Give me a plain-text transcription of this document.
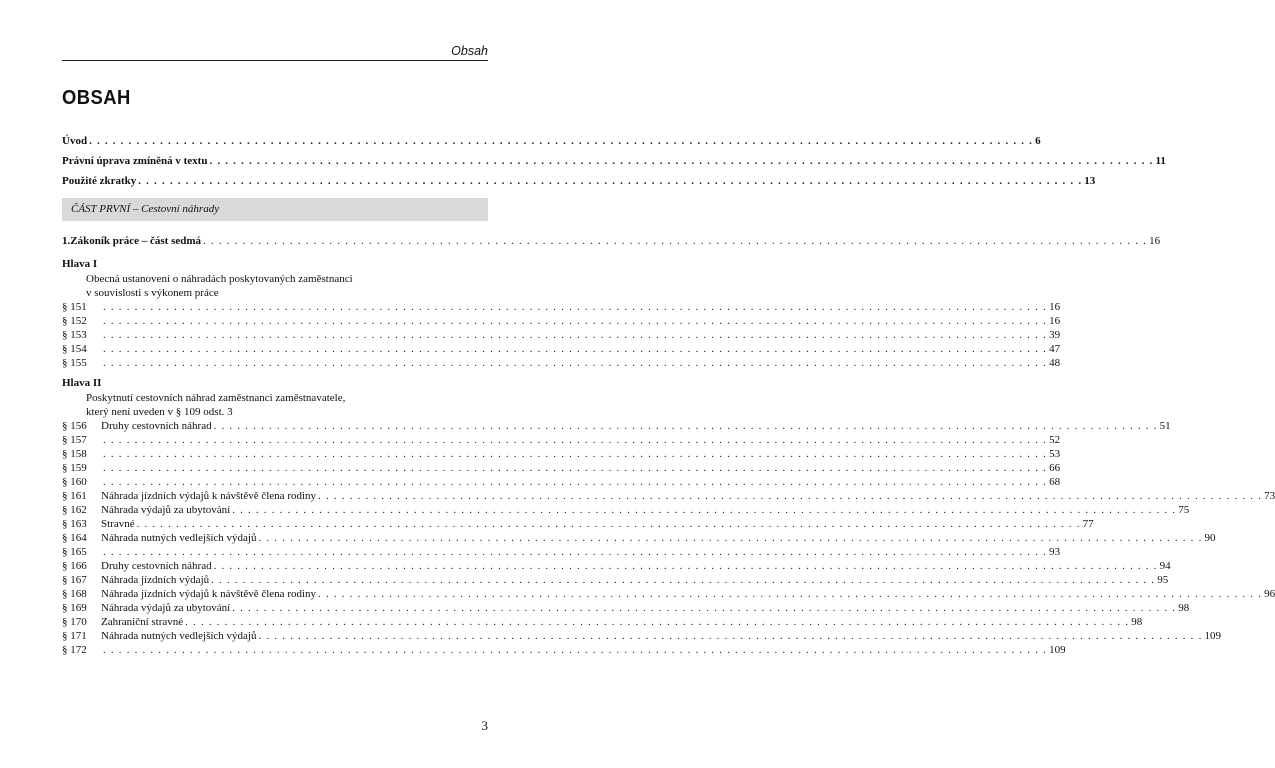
Obsah
OBSAH
Úvod . . . . . . . . . . . . . . . . . . . . . . . . . . . . . . . . . . . . . . . . . . . . . . . . . . . . . . . . . . . . . . . . . . . . . . . . . . . . . . . . . . . . . . . . . . . . . . . . . . . . . . . . . . . . . . . . . . . . . . . . 6
Právní úprava zmíněná v textu . . . . . . . . . . . . . . . . . . . . . . . . . . . . . . . . . . . . . . . . . . . . . . . . . . . . . . . . . . . . . . . . . . . . . . . . . . . . . . . . . . . . . . . . . . . . . . . . . . . . . . . . . . . . . . . . . . . . . . . . 11
Použité zkratky . . . . . . . . . . . . . . . . . . . . . . . . . . . . . . . . . . . . . . . . . . . . . . . . . . . . . . . . . . . . . . . . . . . . . . . . . . . . . . . . . . . . . . . . . . . . . . . . . . . . . . . . . . . . . . . . . . . . . . . . 13
ČÁST PRVNÍ – Cestovní náhrady
1. Zákoník práce – část sedmá . . . . . . . . . . . . . . . . . . . . . . . . . . . . . . . . . . . . . . . . . . . . . . . . . . . . . . . . . . . . . . . . . . . . . . . . . . . . . . . . . . . . . . . . . . . . . . . . . . . . . . . . . . . . . . . . . . . . . . . . 16
Hlava I
Obecná ustanovení o náhradách poskytovaných zaměstnanci
v souvislosti s výkonem práce
§ 151	. . . . . . . . . . . . . . . . . . . . . . . . . . . . . . . . . . . . . . . . . . . . . . . . . . . . . . . . . . . . . . . . . . . . . . . . . . . . . . . . . . . . . . . . . . . . . . . . . . . . . . . . . . . . . . . . . . . . . . . . 16
§ 152	. . . . . . . . . . . . . . . . . . . . . . . . . . . . . . . . . . . . . . . . . . . . . . . . . . . . . . . . . . . . . . . . . . . . . . . . . . . . . . . . . . . . . . . . . . . . . . . . . . . . . . . . . . . . . . . . . . . . . . . . 16
§ 153	. . . . . . . . . . . . . . . . . . . . . . . . . . . . . . . . . . . . . . . . . . . . . . . . . . . . . . . . . . . . . . . . . . . . . . . . . . . . . . . . . . . . . . . . . . . . . . . . . . . . . . . . . . . . . . . . . . . . . . . . 39
§ 154	. . . . . . . . . . . . . . . . . . . . . . . . . . . . . . . . . . . . . . . . . . . . . . . . . . . . . . . . . . . . . . . . . . . . . . . . . . . . . . . . . . . . . . . . . . . . . . . . . . . . . . . . . . . . . . . . . . . . . . . . 47
§ 155	. . . . . . . . . . . . . . . . . . . . . . . . . . . . . . . . . . . . . . . . . . . . . . . . . . . . . . . . . . . . . . . . . . . . . . . . . . . . . . . . . . . . . . . . . . . . . . . . . . . . . . . . . . . . . . . . . . . . . . . . 48
Hlava II
Poskytnutí cestovních náhrad zaměstnanci zaměstnavatele,
který není uveden v § 109 odst. 3
§ 156	Druhy cestovních náhrad . . . . . . . . . . . . . . . . . . . . . . . . . . . . . . . . . . . . . . . . . . . . . . . . . . . . . . . . . . . . . . . . . . . . . . . . . . . . . . . . . . . . . . . . . . . . . . . . . . . . . . . . . . . . . . . . . . . . . . . . 51
§ 157	. . . . . . . . . . . . . . . . . . . . . . . . . . . . . . . . . . . . . . . . . . . . . . . . . . . . . . . . . . . . . . . . . . . . . . . . . . . . . . . . . . . . . . . . . . . . . . . . . . . . . . . . . . . . . . . . . . . . . . . . 52
§ 158	. . . . . . . . . . . . . . . . . . . . . . . . . . . . . . . . . . . . . . . . . . . . . . . . . . . . . . . . . . . . . . . . . . . . . . . . . . . . . . . . . . . . . . . . . . . . . . . . . . . . . . . . . . . . . . . . . . . . . . . . 53
§ 159	. . . . . . . . . . . . . . . . . . . . . . . . . . . . . . . . . . . . . . . . . . . . . . . . . . . . . . . . . . . . . . . . . . . . . . . . . . . . . . . . . . . . . . . . . . . . . . . . . . . . . . . . . . . . . . . . . . . . . . . . 66
§ 160	. . . . . . . . . . . . . . . . . . . . . . . . . . . . . . . . . . . . . . . . . . . . . . . . . . . . . . . . . . . . . . . . . . . . . . . . . . . . . . . . . . . . . . . . . . . . . . . . . . . . . . . . . . . . . . . . . . . . . . . . 68
§ 161	Náhrada jízdních výdajů k návštěvě člena rodiny . . . . . . . . . . . . . . . . . . . . . . . . . . . . . . . . . . . . . . . . . . . . . . . . . . . . . . . . . . . . . . . . . . . . . . . . . . . . . . . . . . . . . . . . . . . . . . . . . . . . . . . . . . . . . . . . . . . . . . . . 73
§ 162	Náhrada výdajů za ubytování . . . . . . . . . . . . . . . . . . . . . . . . . . . . . . . . . . . . . . . . . . . . . . . . . . . . . . . . . . . . . . . . . . . . . . . . . . . . . . . . . . . . . . . . . . . . . . . . . . . . . . . . . . . . . . . . . . . . . . . . 75
§ 163	Stravné . . . . . . . . . . . . . . . . . . . . . . . . . . . . . . . . . . . . . . . . . . . . . . . . . . . . . . . . . . . . . . . . . . . . . . . . . . . . . . . . . . . . . . . . . . . . . . . . . . . . . . . . . . . . . . . . . . . . . . . . 77
§ 164	Náhrada nutných vedlejších výdajů . . . . . . . . . . . . . . . . . . . . . . . . . . . . . . . . . . . . . . . . . . . . . . . . . . . . . . . . . . . . . . . . . . . . . . . . . . . . . . . . . . . . . . . . . . . . . . . . . . . . . . . . . . . . . . . . . . . . . . . . 90
§ 165	. . . . . . . . . . . . . . . . . . . . . . . . . . . . . . . . . . . . . . . . . . . . . . . . . . . . . . . . . . . . . . . . . . . . . . . . . . . . . . . . . . . . . . . . . . . . . . . . . . . . . . . . . . . . . . . . . . . . . . . . 93
§ 166	Druhy cestovních náhrad . . . . . . . . . . . . . . . . . . . . . . . . . . . . . . . . . . . . . . . . . . . . . . . . . . . . . . . . . . . . . . . . . . . . . . . . . . . . . . . . . . . . . . . . . . . . . . . . . . . . . . . . . . . . . . . . . . . . . . . . 94
§ 167	Náhrada jízdních výdajů . . . . . . . . . . . . . . . . . . . . . . . . . . . . . . . . . . . . . . . . . . . . . . . . . . . . . . . . . . . . . . . . . . . . . . . . . . . . . . . . . . . . . . . . . . . . . . . . . . . . . . . . . . . . . . . . . . . . . . . . 95
§ 168	Náhrada jízdních výdajů k návštěvě člena rodiny . . . . . . . . . . . . . . . . . . . . . . . . . . . . . . . . . . . . . . . . . . . . . . . . . . . . . . . . . . . . . . . . . . . . . . . . . . . . . . . . . . . . . . . . . . . . . . . . . . . . . . . . . . . . . . . . . . . . . . . . 96
§ 169	Náhrada výdajů za ubytování . . . . . . . . . . . . . . . . . . . . . . . . . . . . . . . . . . . . . . . . . . . . . . . . . . . . . . . . . . . . . . . . . . . . . . . . . . . . . . . . . . . . . . . . . . . . . . . . . . . . . . . . . . . . . . . . . . . . . . . . 98
§ 170	Zahraniční stravné . . . . . . . . . . . . . . . . . . . . . . . . . . . . . . . . . . . . . . . . . . . . . . . . . . . . . . . . . . . . . . . . . . . . . . . . . . . . . . . . . . . . . . . . . . . . . . . . . . . . . . . . . . . . . . . . . . . . . . . . 98
§ 171	Náhrada nutných vedlejších výdajů . . . . . . . . . . . . . . . . . . . . . . . . . . . . . . . . . . . . . . . . . . . . . . . . . . . . . . . . . . . . . . . . . . . . . . . . . . . . . . . . . . . . . . . . . . . . . . . . . . . . . . . . . . . . . . . . . . . . . . . . 109
§ 172	. . . . . . . . . . . . . . . . . . . . . . . . . . . . . . . . . . . . . . . . . . . . . . . . . . . . . . . . . . . . . . . . . . . . . . . . . . . . . . . . . . . . . . . . . . . . . . . . . . . . . . . . . . . . . . . . . . . . . . . . 109
3
